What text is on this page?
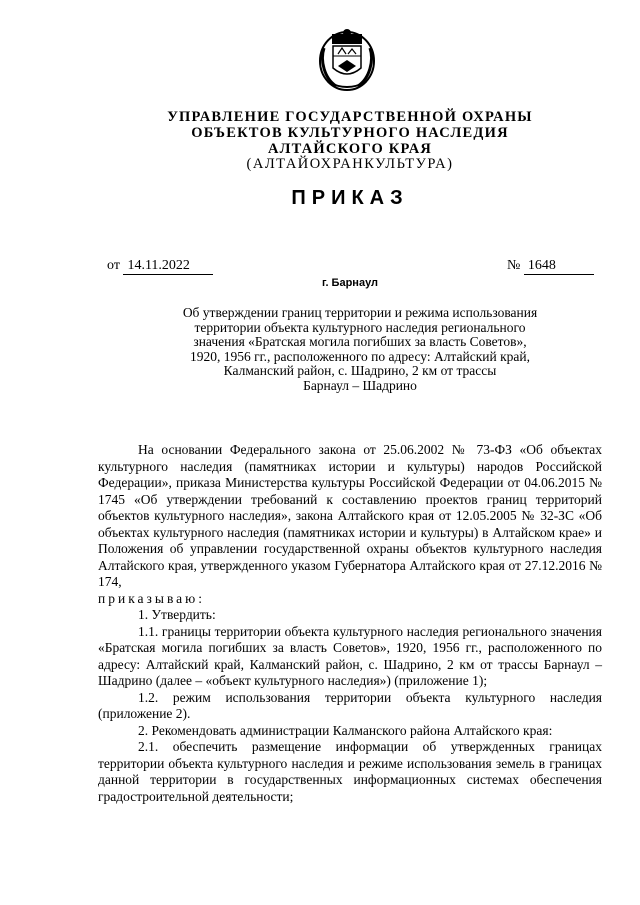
УПРАВЛЕНИЕ ГОСУДАРСТВЕННОЙ ОХРАНЫ
ОБЪЕКТОВ КУЛЬТУРНОГО НАСЛЕДИЯ
АЛТАЙСКОГО КРАЯ
(АЛТАЙОХРАНКУЛЬТУРА)
ПРИКАЗ
от 14.11.2022	№ 1648
г. Барнаул
Об утверждении границ территории и режима использования
территории объекта культурного наследия регионального
значения «Братская могила погибших за власть Советов»,
1920, 1956 гг., расположенного по адресу: Алтайский край,
Калманский район, с. Шадрино, 2 км от трассы
Барнаул – Шадрино

На основании Федерального закона от 25.06.2002 № 73-ФЗ «Об объектах культурного наследия (памятниках истории и культуры) народов Российской Федерации», приказа Министерства культуры Российской Федерации от 04.06.2015 № 1745 «Об утверждении требований к составлению проектов границ территорий объектов культурного наследия», закона Алтайского края от 12.05.2005 № 32-ЗС «Об объектах культурного наследия (памятниках истории и культуры) в Алтайском крае» и Положения об управлении государственной охраны объектов культурного наследия Алтайского края, утвержденного указом Губернатора Алтайского края от 27.12.2016 № 174,

приказываю:

1. Утвердить:

1.1. границы территории объекта культурного наследия регионального значения «Братская могила погибших за власть Советов», 1920, 1956 гг., расположенного по адресу: Алтайский край, Калманский район, с. Шадрино, 2 км от трассы Барнаул – Шадрино (далее – «объект культурного наследия») (приложение 1);

1.2. режим использования территории объекта культурного наследия (приложение 2).

2. Рекомендовать администрации Калманского района Алтайского края:

2.1. обеспечить размещение информации об утвержденных границах территории объекта культурного наследия и режиме использования земель в границах данной территории в государственных информационных системах обеспечения градостроительной деятельности;
